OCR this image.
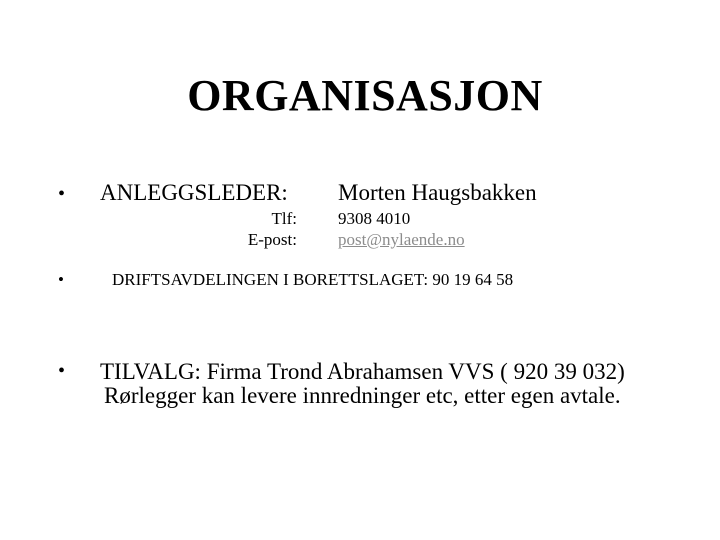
ORGANISASJON
• ANLEGGSLEDER: Morten Haugsbakken
Tlf: 9308 4010
E-post: post@nylaende.no
•	DRIFTSAVDELINGEN I BORETTSLAGET: 90 19 64 58
• TILVALG: Firma Trond Abrahamsen VVS ( 920 39 032)
Rørlegger kan levere innredninger etc, etter egen avtale.
